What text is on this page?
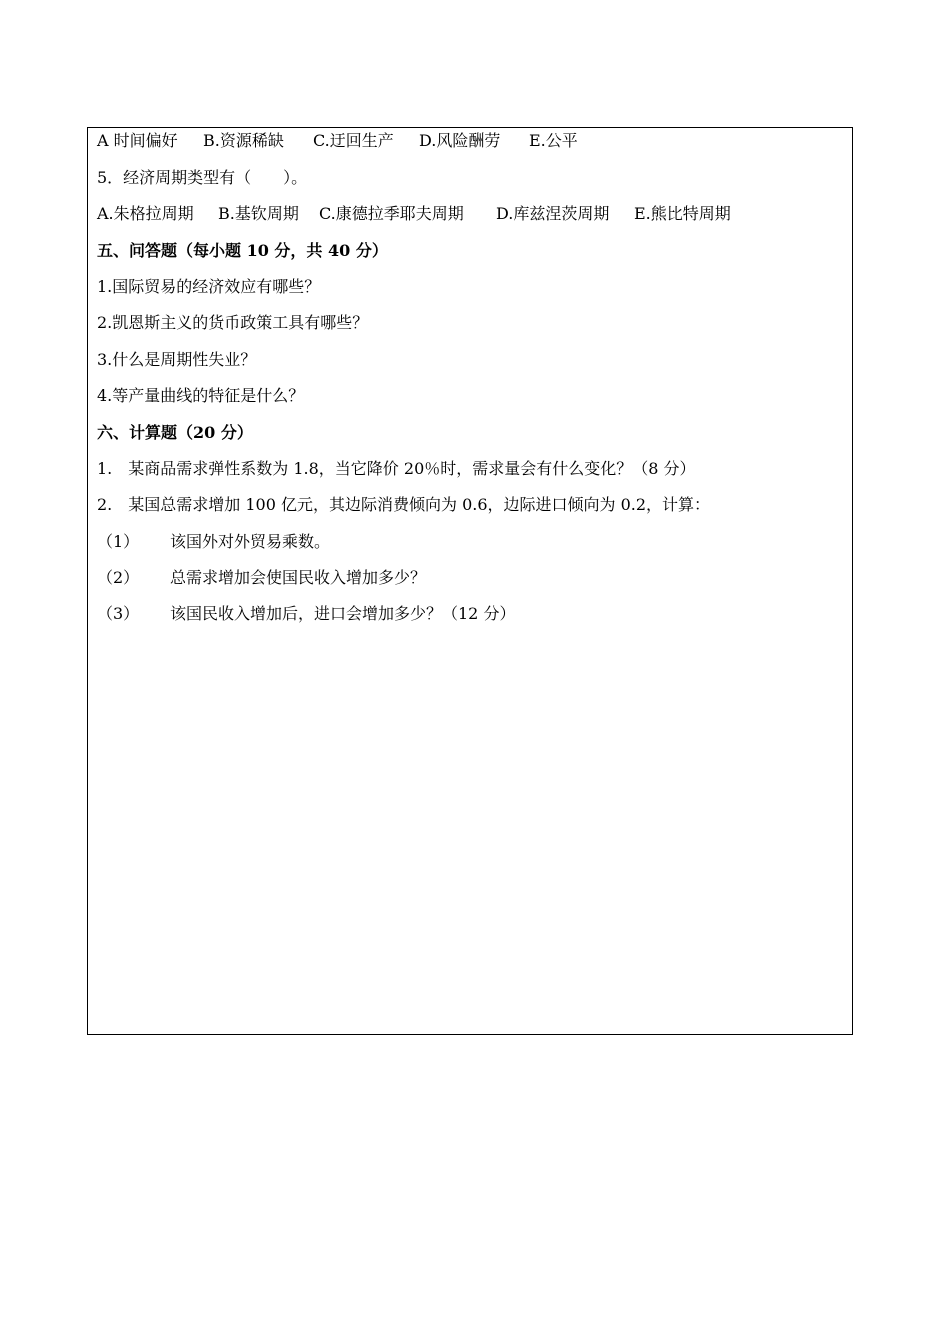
A 时间偏好 B.资源稀缺 C.迂回生产 D.风险酬劳 E.公平
5．经济周期类型有（　　）。
A.朱格拉周期 B.基钦周期 C.康德拉季耶夫周期 D.库兹涅茨周期 E.熊比特周期
五、问答题（每小题 10 分，共 40 分）
1.国际贸易的经济效应有哪些？
2.凯恩斯主义的货币政策工具有哪些？
3.什么是周期性失业？
4.等产量曲线的特征是什么？
六、计算题（20 分）
1.　某商品需求弹性系数为 1.8，当它降价 20％时，需求量会有什么变化？（8 分）
2.　某国总需求增加 100 亿元，其边际消费倾向为 0.6，边际进口倾向为 0.2，计算：
（1） 该国外对外贸易乘数。
（2） 总需求增加会使国民收入增加多少？
（3） 该国民收入增加后，进口会增加多少？（12 分）
